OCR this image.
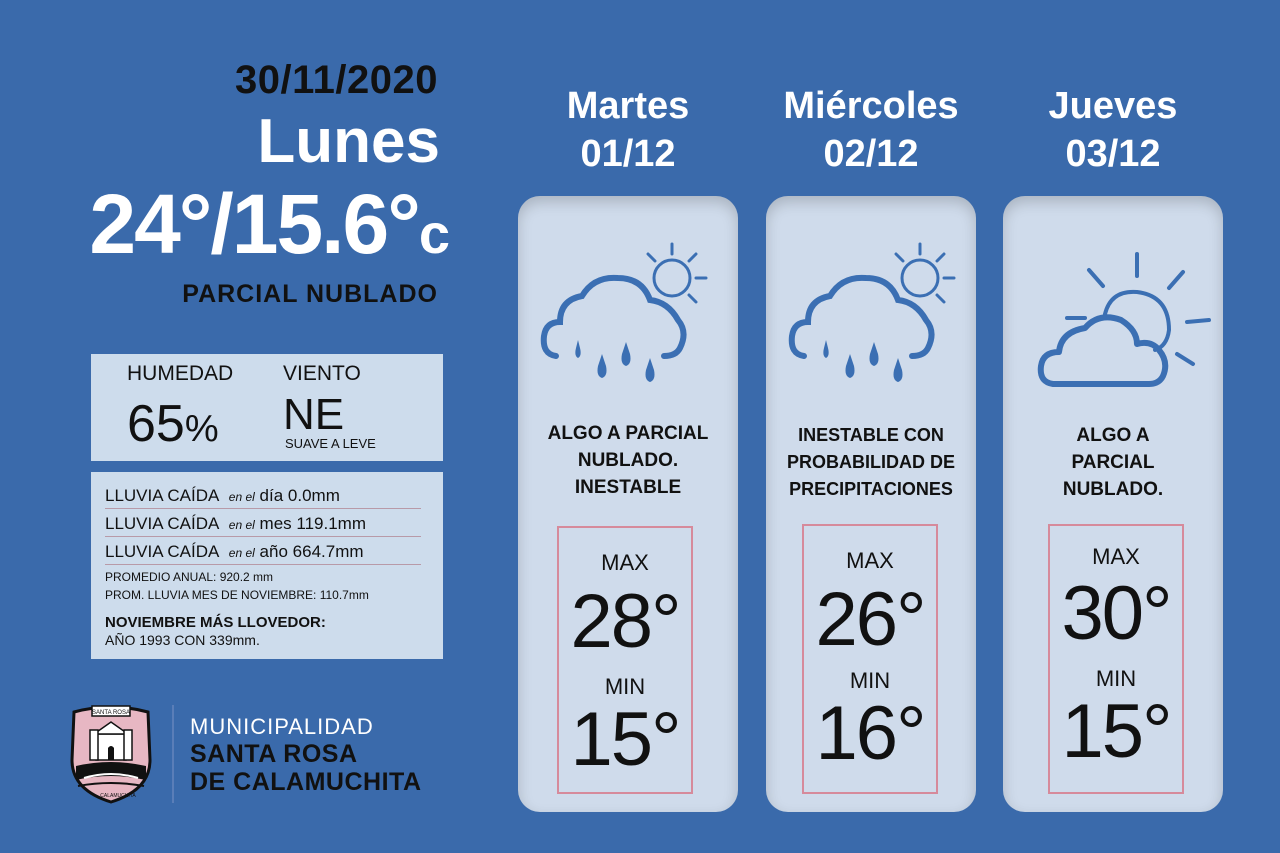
30/11/2020
Lunes
24°/15.6°c
PARCIAL NUBLADO
HUMEDAD
65%
VIENTO
NE
SUAVE A LEVE
LLUVIA CAÍDA en el día 0.0mm
LLUVIA CAÍDA en el mes 119.1mm
LLUVIA CAÍDA en el año 664.7mm
PROMEDIO ANUAL: 920.2 mm
PROM. LLUVIA MES DE NOVIEMBRE: 110.7mm
NOVIEMBRE MÁS LLOVEDOR:
AÑO 1993 CON 339mm.
SANTA ROSA
CALAMUCHITA
MUNICIPALIDAD
SANTA ROSA
DE CALAMUCHITA
Martes
01/12
ALGO A PARCIAL
NUBLADO.
INESTABLE
MAX
28°
MIN
15°
Miércoles
02/12
INESTABLE CON
PROBABILIDAD DE
PRECIPITACIONES
MAX
26°
MIN
16°
Jueves
03/12
ALGO A
PARCIAL
NUBLADO.
MAX
30°
MIN
15°
